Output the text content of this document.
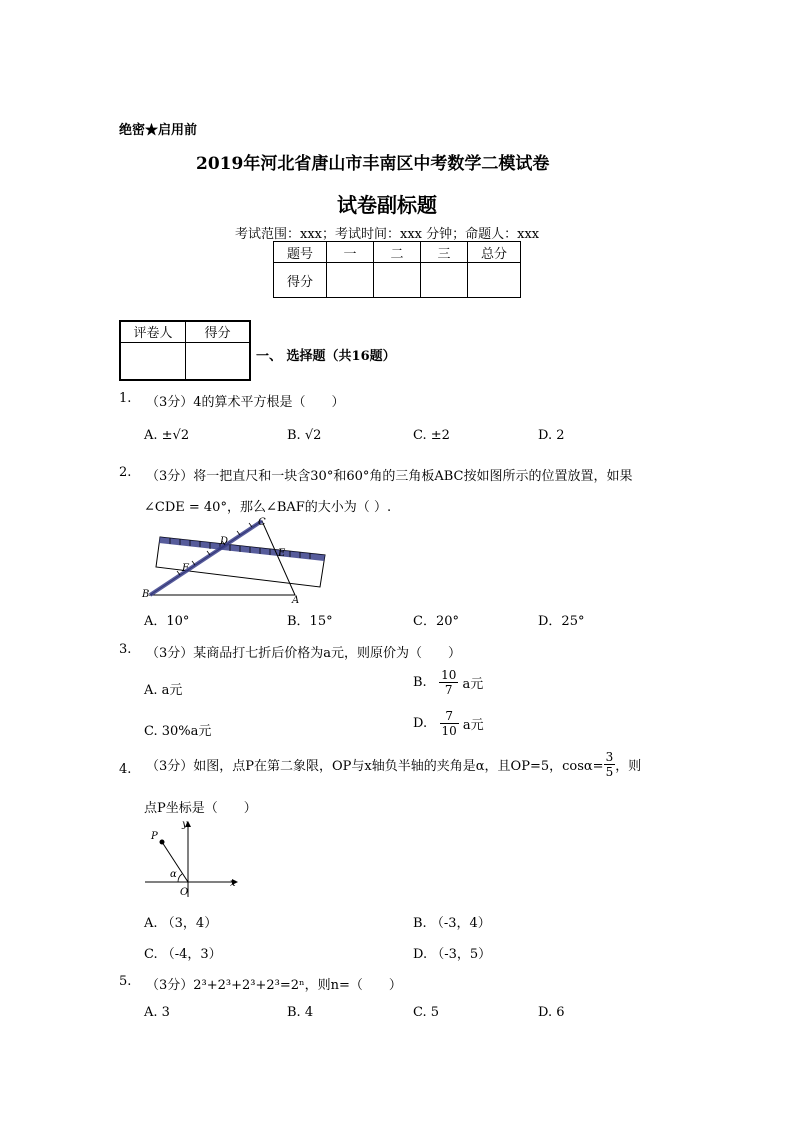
绝密★启用前
2019年河北省唐山市丰南区中考数学二模试卷
试卷副标题
考试范围：xxx；考试时间：xxx 分钟；命题人：xxx
题号	一	二	三	总分
得分				
评卷人	得分

一、 选择题（共16题）
1. （3分）4的算术平方根是（　　）
A. ±√2	B. √2	C. ±2	D. 2
2. （3分）将一把直尺和一块含30°和60°角的三角板ABC按如图所示的位置放置，如果
∠CDE = 40°，那么∠BAF的大小为（ ）.
C
D
E
F
B
A
A．10°	B．15°	C．20°	D．25°
3. （3分）某商品打七折后价格为a元，则原价为（　　）
A. a元
B. $\frac{10}{7}$ a元
C. 30%a元
D. $\frac{7}{10}$ a元
4. （3分）如图，点P在第二象限，OP与x轴负半轴的夹角是α，且OP=5，$\cos\alpha= \frac{3}{5}$ ，则
点P坐标是（　　）
y
P
α
O
x
A. （3，4）	B. （-3，4）
C. （-4，3）	D. （-3，5）
5. （3分）2³+2³+2³+2³=2ⁿ，则n=（　　）
A. 3	B. 4	C. 5	D. 6
